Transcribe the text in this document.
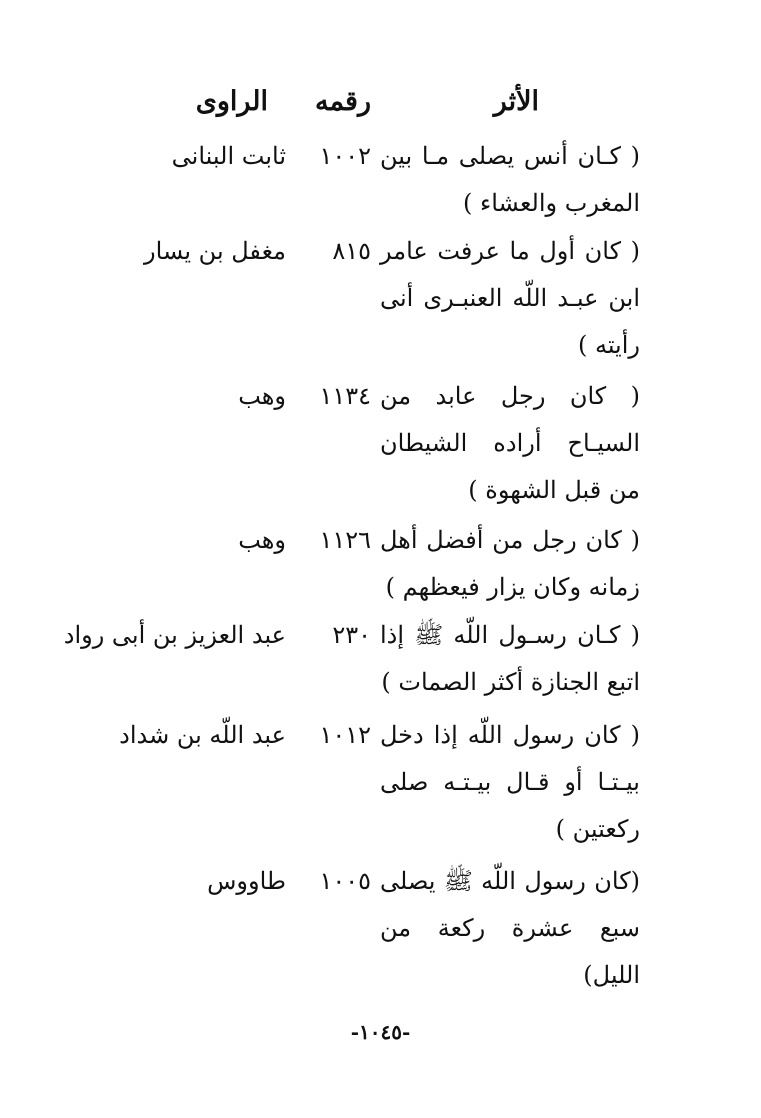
الأثر
رقمه
الراوى
( كـان أنس يصلى مـا بين المغرب والعشاء )
١٠٠٢
ثابت البنانى
( كان أول ما عرفت عامر ابن عبـد اللّه العنبـرى أنى رأيته )
٨١٥
مغفل بن يسار
( كان رجل عابد من السيـاح أراده الشيطان من قبل الشهوة )
١١٣٤
وهب
( كان رجل من أفضل أهل زمانه وكان يزار فيعظهم )
١١٢٦
وهب
( كـان رسـول اللّه ﷺ إذا اتبع الجنازة أكثر الصمات )
٢٣٠
عبد العزيز بن أبى رواد
( كان رسول اللّه إذا دخل بيـتـا أو قـال بيـتـه صلى ركعتين )
١٠١٢
عبد اللّه بن شداد
(كان رسول اللّه ﷺ يصلى سبع عشرة ركعة من الليل)
١٠٠٥
طاووس
-١٠٤٥-
